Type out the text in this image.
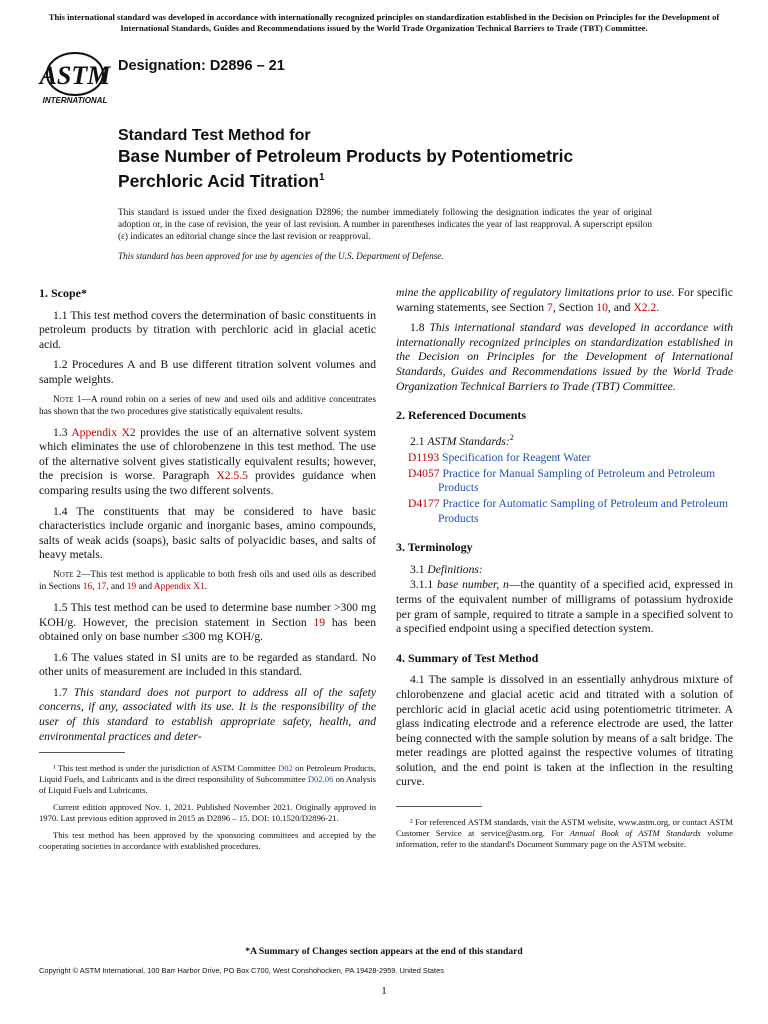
This international standard was developed in accordance with internationally recognized principles on standardization established in the Decision on Principles for the Development of International Standards, Guides and Recommendations issued by the World Trade Organization Technical Barriers to Trade (TBT) Committee.
ASTM
INTERNATIONAL
Designation: D2896 – 21
Standard Test Method for
Base Number of Petroleum Products by Potentiometric
Perchloric Acid Titration$^1$

This standard is issued under the fixed designation D2896; the number immediately following the designation indicates the year of original adoption or, in the case of revision, the year of last revision. A number in parentheses indicates the year of last reapproval. A superscript epsilon (ε) indicates an editorial change since the last revision or reapproval.

This standard has been approved for use by agencies of the U.S. Department of Defense.

1. Scope*

1.1 This test method covers the determination of basic constituents in petroleum products by titration with perchloric acid in glacial acetic acid.

1.2 Procedures A and B use different titration solvent volumes and sample weights.

Note 1—A round robin on a series of new and used oils and additive concentrates has shown that the two procedures give statistically equivalent results.

1.3 Appendix X2 provides the use of an alternative solvent system which eliminates the use of chlorobenzene in this test method. The use of the alternative solvent gives statistically equivalent results; however, the precision is worse. Paragraph X2.5.5 provides guidance when comparing results using the two different solvents.

1.4 The constituents that may be considered to have basic characteristics include organic and inorganic bases, amino compounds, salts of weak acids (soaps), basic salts of polyacidic bases, and salts of heavy metals.

Note 2—This test method is applicable to both fresh oils and used oils as described in Sections 16, 17, and 19 and Appendix X1.

1.5 This test method can be used to determine base number >300 mg KOH/g. However, the precision statement in Section 19 has been obtained only on base number ≤300 mg KOH/g.

1.6 The values stated in SI units are to be regarded as standard. No other units of measurement are included in this standard.

1.7 This standard does not purport to address all of the safety concerns, if any, associated with its use. It is the responsibility of the user of this standard to establish appropriate safety, health, and environmental practices and deter-

¹ This test method is under the jurisdiction of ASTM Committee D02 on Petroleum Products, Liquid Fuels, and Lubricants and is the direct responsibility of Subcommittee D02.06 on Analysis of Liquid Fuels and Lubricants.

Current edition approved Nov. 1, 2021. Published November 2021. Originally approved in 1970. Last previous edition approved in 2015 as D2896 – 15. DOI: 10.1520/D2896-21.

This test method has been approved by the sponsoring committees and accepted by the cooperating societies in accordance with established procedures.

mine the applicability of regulatory limitations prior to use. For specific warning statements, see Section 7, Section 10, and X2.2.

1.8 This international standard was developed in accordance with internationally recognized principles on standardization established in the Decision on Principles for the Development of International Standards, Guides and Recommendations issued by the World Trade Organization Technical Barriers to Trade (TBT) Committee.

2. Referenced Documents

2.1 ASTM Standards:$^2$

D1193 Specification for Reagent Water
D4057 Practice for Manual Sampling of Petroleum and Petroleum Products
D4177 Practice for Automatic Sampling of Petroleum and Petroleum Products
3. Terminology

3.1 Definitions:

3.1.1 base number, n—the quantity of a specified acid, expressed in terms of the equivalent number of milligrams of potassium hydroxide per gram of sample, required to titrate a sample in a specified solvent to a specified endpoint using a specified detection system.

4. Summary of Test Method

4.1 The sample is dissolved in an essentially anhydrous mixture of chlorobenzene and glacial acetic acid and titrated with a solution of perchloric acid in glacial acetic acid using potentiometric titrimeter. A glass indicating electrode and a reference electrode are used, the latter being connected with the sample solution by means of a salt bridge. The meter readings are plotted against the respective volumes of titrating solution, and the end point is taken at the inflection in the resulting curve.

² For referenced ASTM standards, visit the ASTM website, www.astm.org, or contact ASTM Customer Service at service@astm.org. For Annual Book of ASTM Standards volume information, refer to the standard's Document Summary page on the ASTM website.

*A Summary of Changes section appears at the end of this standard
Copyright © ASTM International, 100 Barr Harbor Drive, PO Box C700, West Conshohocken, PA 19428-2959. United States
1
